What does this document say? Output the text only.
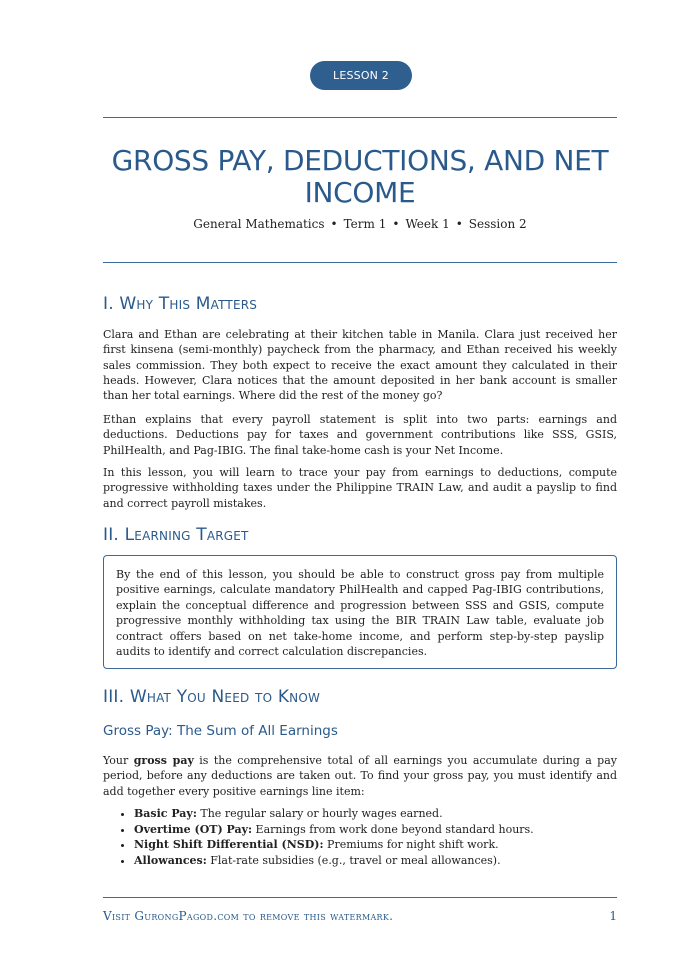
LESSON 2
GROSS PAY, DEDUCTIONS, AND NET
INCOME
General Mathematics • Term 1 • Week 1 • Session 2
I. Why This Matters

Clara and Ethan are celebrating at their kitchen table in Manila. Clara just received her first kinsena (semi-monthly) paycheck from the pharmacy, and Ethan received his weekly sales commission. They both expect to receive the exact amount they calculated in their heads. However, Clara notices that the amount deposited in her bank account is smaller than her total earnings. Where did the rest of the money go?

Ethan explains that every payroll statement is split into two parts: earnings and deductions. Deductions pay for taxes and government contributions like SSS, GSIS, PhilHealth, and Pag-IBIG. The final take-home cash is your Net Income.

In this lesson, you will learn to trace your pay from earnings to deductions, compute progressive withholding taxes under the Philippine TRAIN Law, and audit a payslip to find and correct payroll mistakes.

II. Learning Target

By the end of this lesson, you should be able to construct gross pay from multiple positive earnings, calculate mandatory PhilHealth and capped Pag-IBIG contributions, explain the conceptual difference and progression between SSS and GSIS, compute progressive monthly withholding tax using the BIR TRAIN Law table, evaluate job contract offers based on net take-home income, and perform step-by-step payslip audits to identify and correct calculation discrepancies.

III. What You Need to Know
Gross Pay: The Sum of All Earnings

Your gross pay is the comprehensive total of all earnings you accumulate during a pay period, before any deductions are taken out. To find your gross pay, you must identify and add together every positive earnings line item:

• Basic Pay: The regular salary or hourly wages earned.
• Overtime (OT) Pay: Earnings from work done beyond standard hours.
• Night Shift Differential (NSD): Premiums for night shift work.
• Allowances: Flat-rate subsidies (e.g., travel or meal allowances).
Visit GurongPagod.com to remove this watermark.	1
